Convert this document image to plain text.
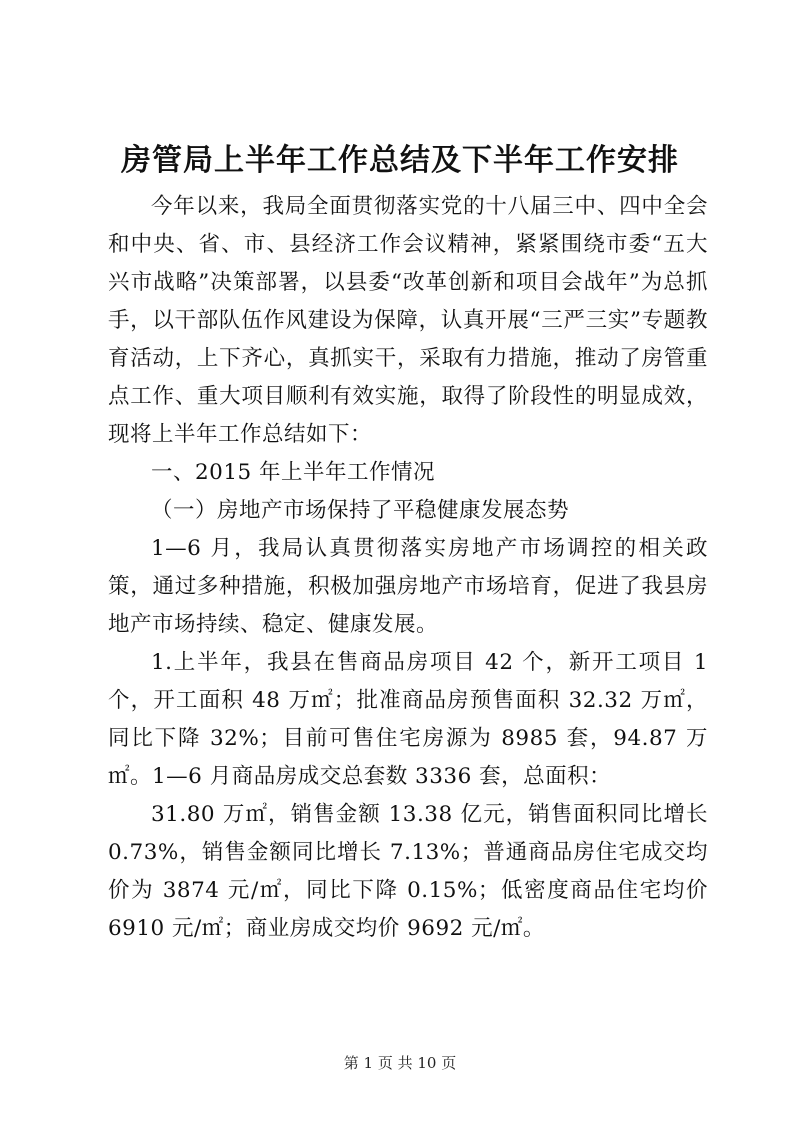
房管局上半年工作总结及下半年工作安排

今年以来，我局全面贯彻落实党的十八届三中、四中全会和中央、省、市、县经济工作会议精神，紧紧围绕市委“五大兴市战略”决策部署，以县委“改革创新和项目会战年”为总抓手，以干部队伍作风建设为保障，认真开展“三严三实”专题教育活动，上下齐心，真抓实干，采取有力措施，推动了房管重点工作、重大项目顺利有效实施，取得了阶段性的明显成效，现将上半年工作总结如下：

一、2015 年上半年工作情况

（一）房地产市场保持了平稳健康发展态势

1—6 月，我局认真贯彻落实房地产市场调控的相关政策，通过多种措施，积极加强房地产市场培育，促进了我县房地产市场持续、稳定、健康发展。

1.上半年，我县在售商品房项目 42 个，新开工项目 1 个，开工面积 48 万㎡；批准商品房预售面积 32.32 万㎡，同比下降 32%；目前可售住宅房源为 8985 套，94.87 万㎡。1—6 月商品房成交总套数 3336 套，总面积：

31.80 万㎡，销售金额 13.38 亿元，销售面积同比增长 0.73%，销售金额同比增长 7.13%；普通商品房住宅成交均价为 3874 元/㎡，同比下降 0.15%；低密度商品住宅均价 6910 元/㎡；商业房成交均价 9692 元/㎡。

第 1 页 共 10 页
